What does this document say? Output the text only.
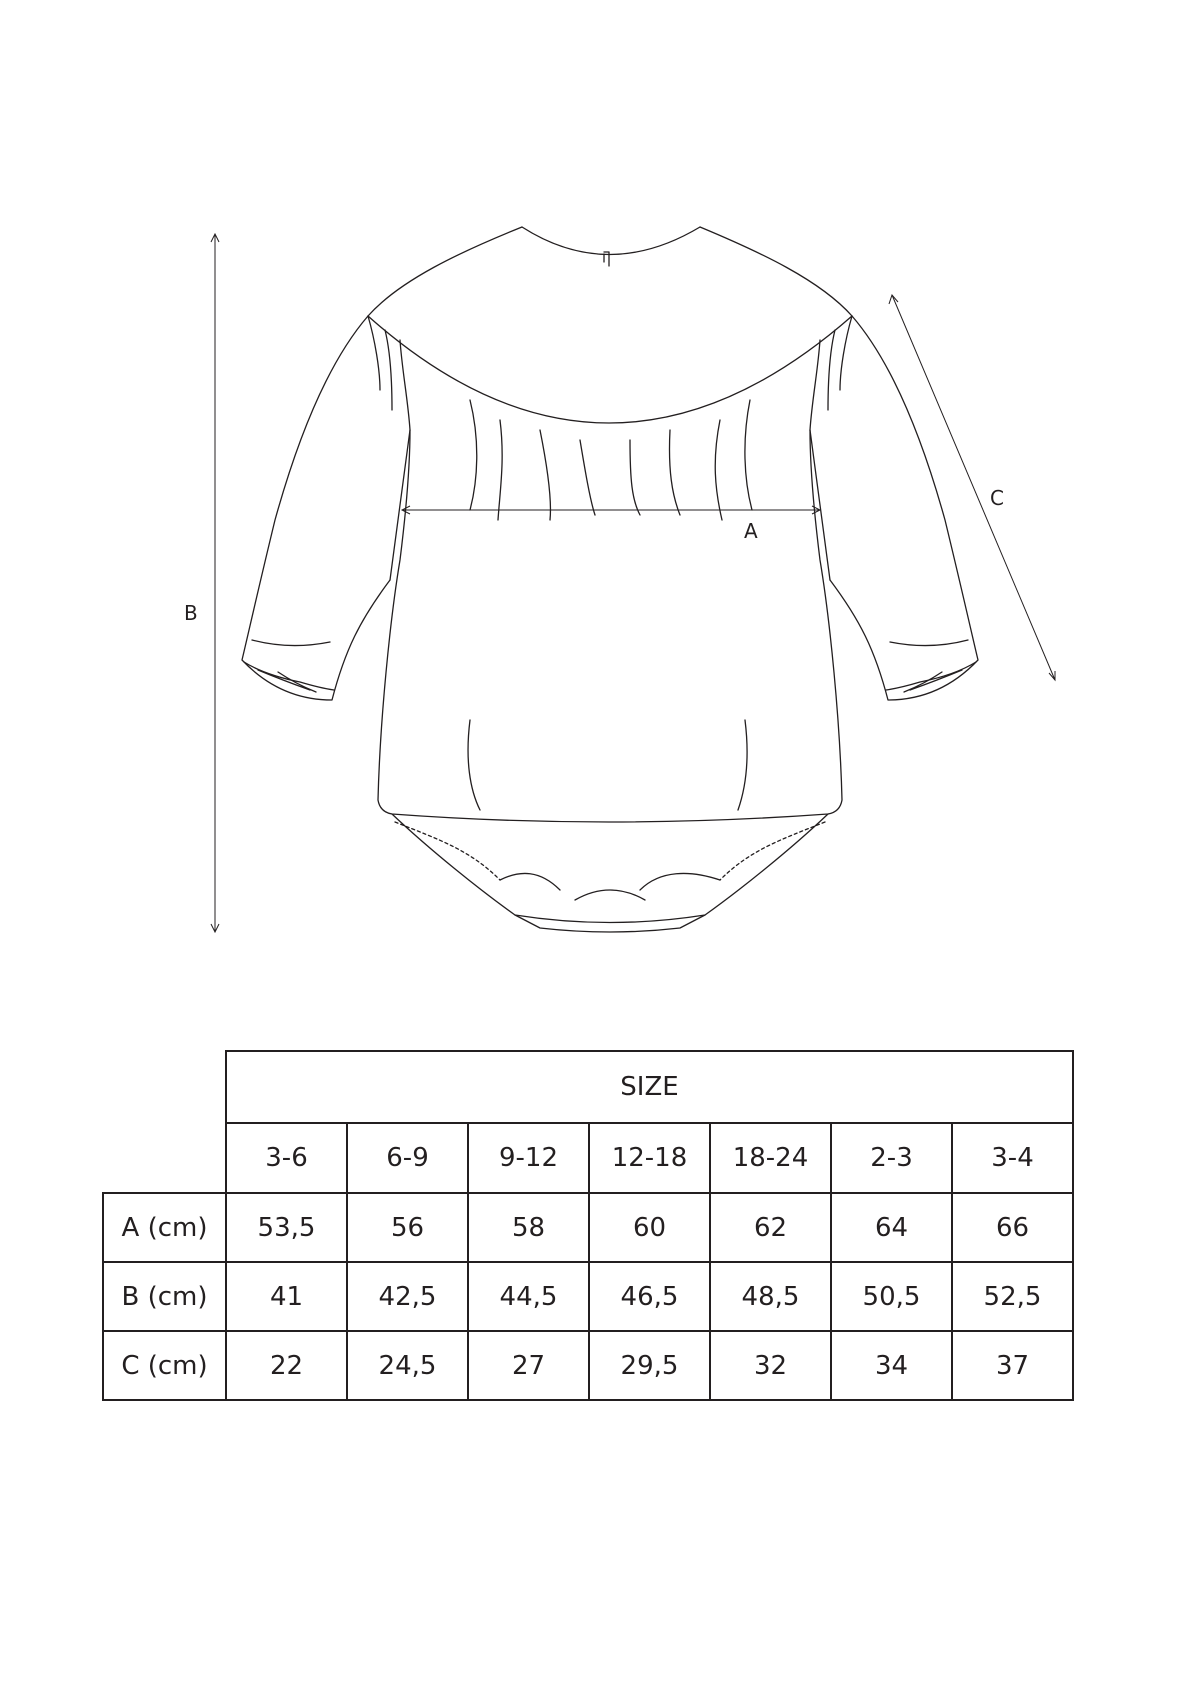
A
B
C
	SIZE						
	3-6	6-9	9-12	12-18	18-24	2-3	3-4
A (cm)	53,5	56	58	60	62	64	66
B (cm)	41	42,5	44,5	46,5	48,5	50,5	52,5
C (cm)	22	24,5	27	29,5	32	34	37
